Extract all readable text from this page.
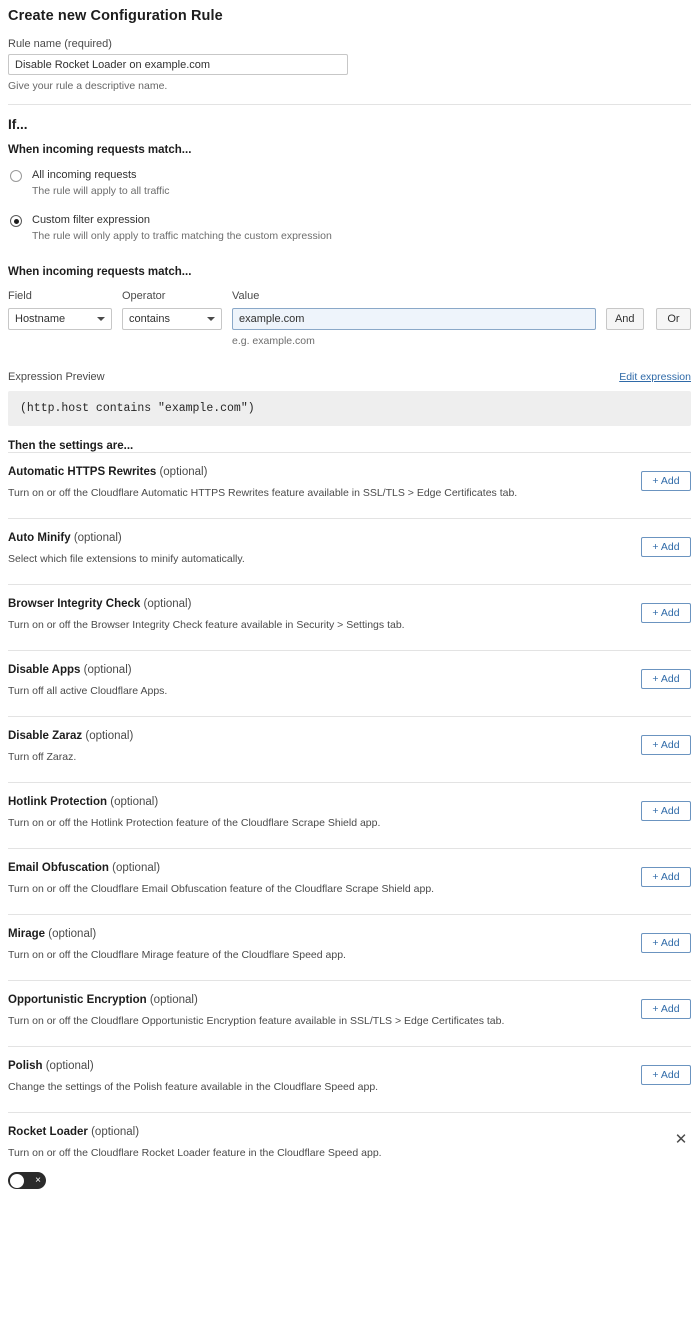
Create new Configuration Rule
Rule name (required)
Disable Rocket Loader on example.com
Give your rule a descriptive name.
If...
When incoming requests match...
All incoming requests
The rule will apply to all traffic
Custom filter expression
The rule will only apply to traffic matching the custom expression
When incoming requests match...
Field
Hostname
Operator
contains
Value
example.com
e.g. example.com
And	Or
Expression Preview	Edit expression
(http.host contains "example.com")
Then the settings are...
Automatic HTTPS Rewrites (optional)
Turn on or off the Cloudflare Automatic HTTPS Rewrites feature available in SSL/TLS > Edge Certificates tab.
+ Add
Auto Minify (optional)
Select which file extensions to minify automatically.
+ Add
Browser Integrity Check (optional)
Turn on or off the Browser Integrity Check feature available in Security > Settings tab.
+ Add
Disable Apps (optional)
Turn off all active Cloudflare Apps.
+ Add
Disable Zaraz (optional)
Turn off Zaraz.
+ Add
Hotlink Protection (optional)
Turn on or off the Hotlink Protection feature of the Cloudflare Scrape Shield app.
+ Add
Email Obfuscation (optional)
Turn on or off the Cloudflare Email Obfuscation feature of the Cloudflare Scrape Shield app.
+ Add
Mirage (optional)
Turn on or off the Cloudflare Mirage feature of the Cloudflare Speed app.
+ Add
Opportunistic Encryption (optional)
Turn on or off the Cloudflare Opportunistic Encryption feature available in SSL/TLS > Edge Certificates tab.
+ Add
Polish (optional)
Change the settings of the Polish feature available in the Cloudflare Speed app.
+ Add
Rocket Loader (optional)
Turn on or off the Cloudflare Rocket Loader feature in the Cloudflare Speed app.
✕
×
